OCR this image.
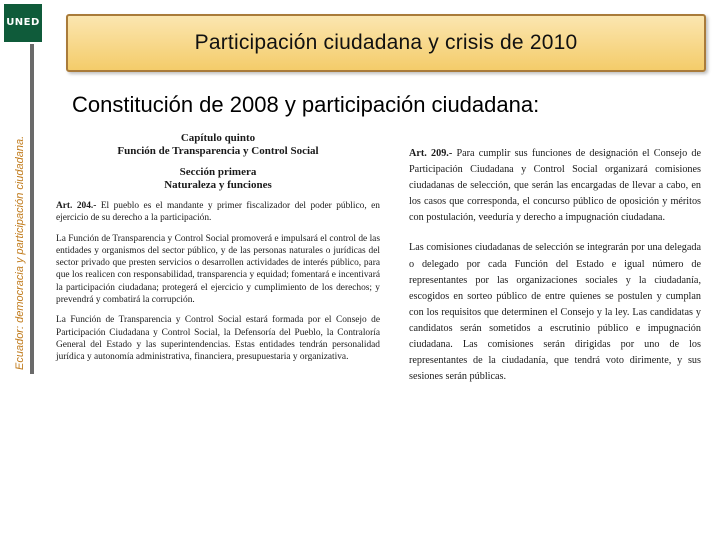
UNED
Ecuador: democracia y participación ciudadana.
Participación ciudadana y crisis de 2010
Constitución de 2008 y participación ciudadana:
Capítulo quinto
Función de Transparencia y Control Social
Sección primera
Naturaleza y funciones

Art. 204.- El pueblo es el mandante y primer fiscalizador del poder público, en ejercicio de su derecho a la participación.

La Función de Transparencia y Control Social promoverá e impulsará el control de las entidades y organismos del sector público, y de las personas naturales o jurídicas del sector privado que presten servicios o desarrollen actividades de interés público, para que los realicen con responsabilidad, transparencia y equidad; fomentará e incentivará la participación ciudadana; protegerá el ejercicio y cumplimiento de los derechos; y prevendrá y combatirá la corrupción.

La Función de Transparencia y Control Social estará formada por el Consejo de Participación Ciudadana y Control Social, la Defensoría del Pueblo, la Contraloría General del Estado y las superintendencias. Estas entidades tendrán personalidad jurídica y autonomía administrativa, financiera, presupuestaria y organizativa.

Art. 209.- Para cumplir sus funciones de designación el Consejo de Participación Ciudadana y Control Social organizará comisiones ciudadanas de selección, que serán las encargadas de llevar a cabo, en los casos que corresponda, el concurso público de oposición y méritos con postulación, veeduría y derecho a impugnación ciudadana.

Las comisiones ciudadanas de selección se integrarán por una delegada o delegado por cada Función del Estado e igual número de representantes por las organizaciones sociales y la ciudadanía, escogidos en sorteo público de entre quienes se postulen y cumplan con los requisitos que determinen el Consejo y la ley. Las candidatas y candidatos serán sometidos a escrutinio público e impugnación ciudadana. Las comisiones serán dirigidas por uno de los representantes de la ciudadanía, que tendrá voto dirimente, y sus sesiones serán públicas.
